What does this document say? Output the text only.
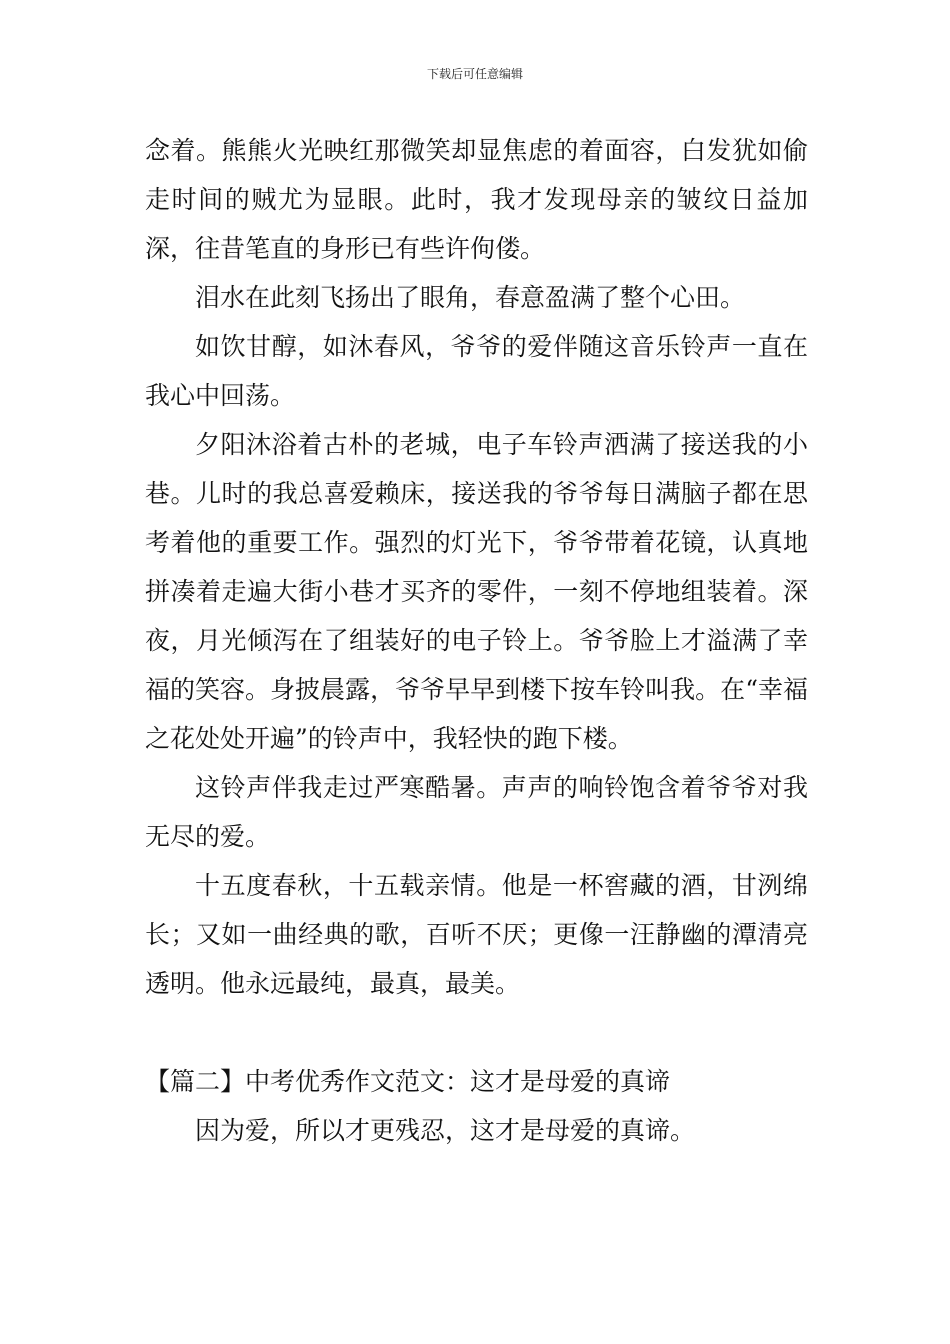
下载后可任意编辑

念着。熊熊火光映红那微笑却显焦虑的着面容，白发犹如偷走时间的贼尤为显眼。此时，我才发现母亲的皱纹日益加深，往昔笔直的身形已有些许佝偻。

泪水在此刻飞扬出了眼角，春意盈满了整个心田。

如饮甘醇，如沐春风，爷爷的爱伴随这音乐铃声一直在我心中回荡。

夕阳沐浴着古朴的老城，电子车铃声洒满了接送我的小巷。儿时的我总喜爱赖床，接送我的爷爷每日满脑子都在思考着他的重要工作。强烈的灯光下，爷爷带着花镜，认真地拼凑着走遍大街小巷才买齐的零件，一刻不停地组装着。深夜，月光倾泻在了组装好的电子铃上。爷爷脸上才溢满了幸福的笑容。身披晨露，爷爷早早到楼下按车铃叫我。在“幸福之花处处开遍”的铃声中，我轻快的跑下楼。

这铃声伴我走过严寒酷暑。声声的响铃饱含着爷爷对我无尽的爱。

十五度春秋，十五载亲情。他是一杯窖藏的酒，甘洌绵长；又如一曲经典的歌，百听不厌；更像一汪静幽的潭清亮透明。他永远最纯，最真，最美。

【篇二】中考优秀作文范文：这才是母爱的真谛

因为爱，所以才更残忍，这才是母爱的真谛。
